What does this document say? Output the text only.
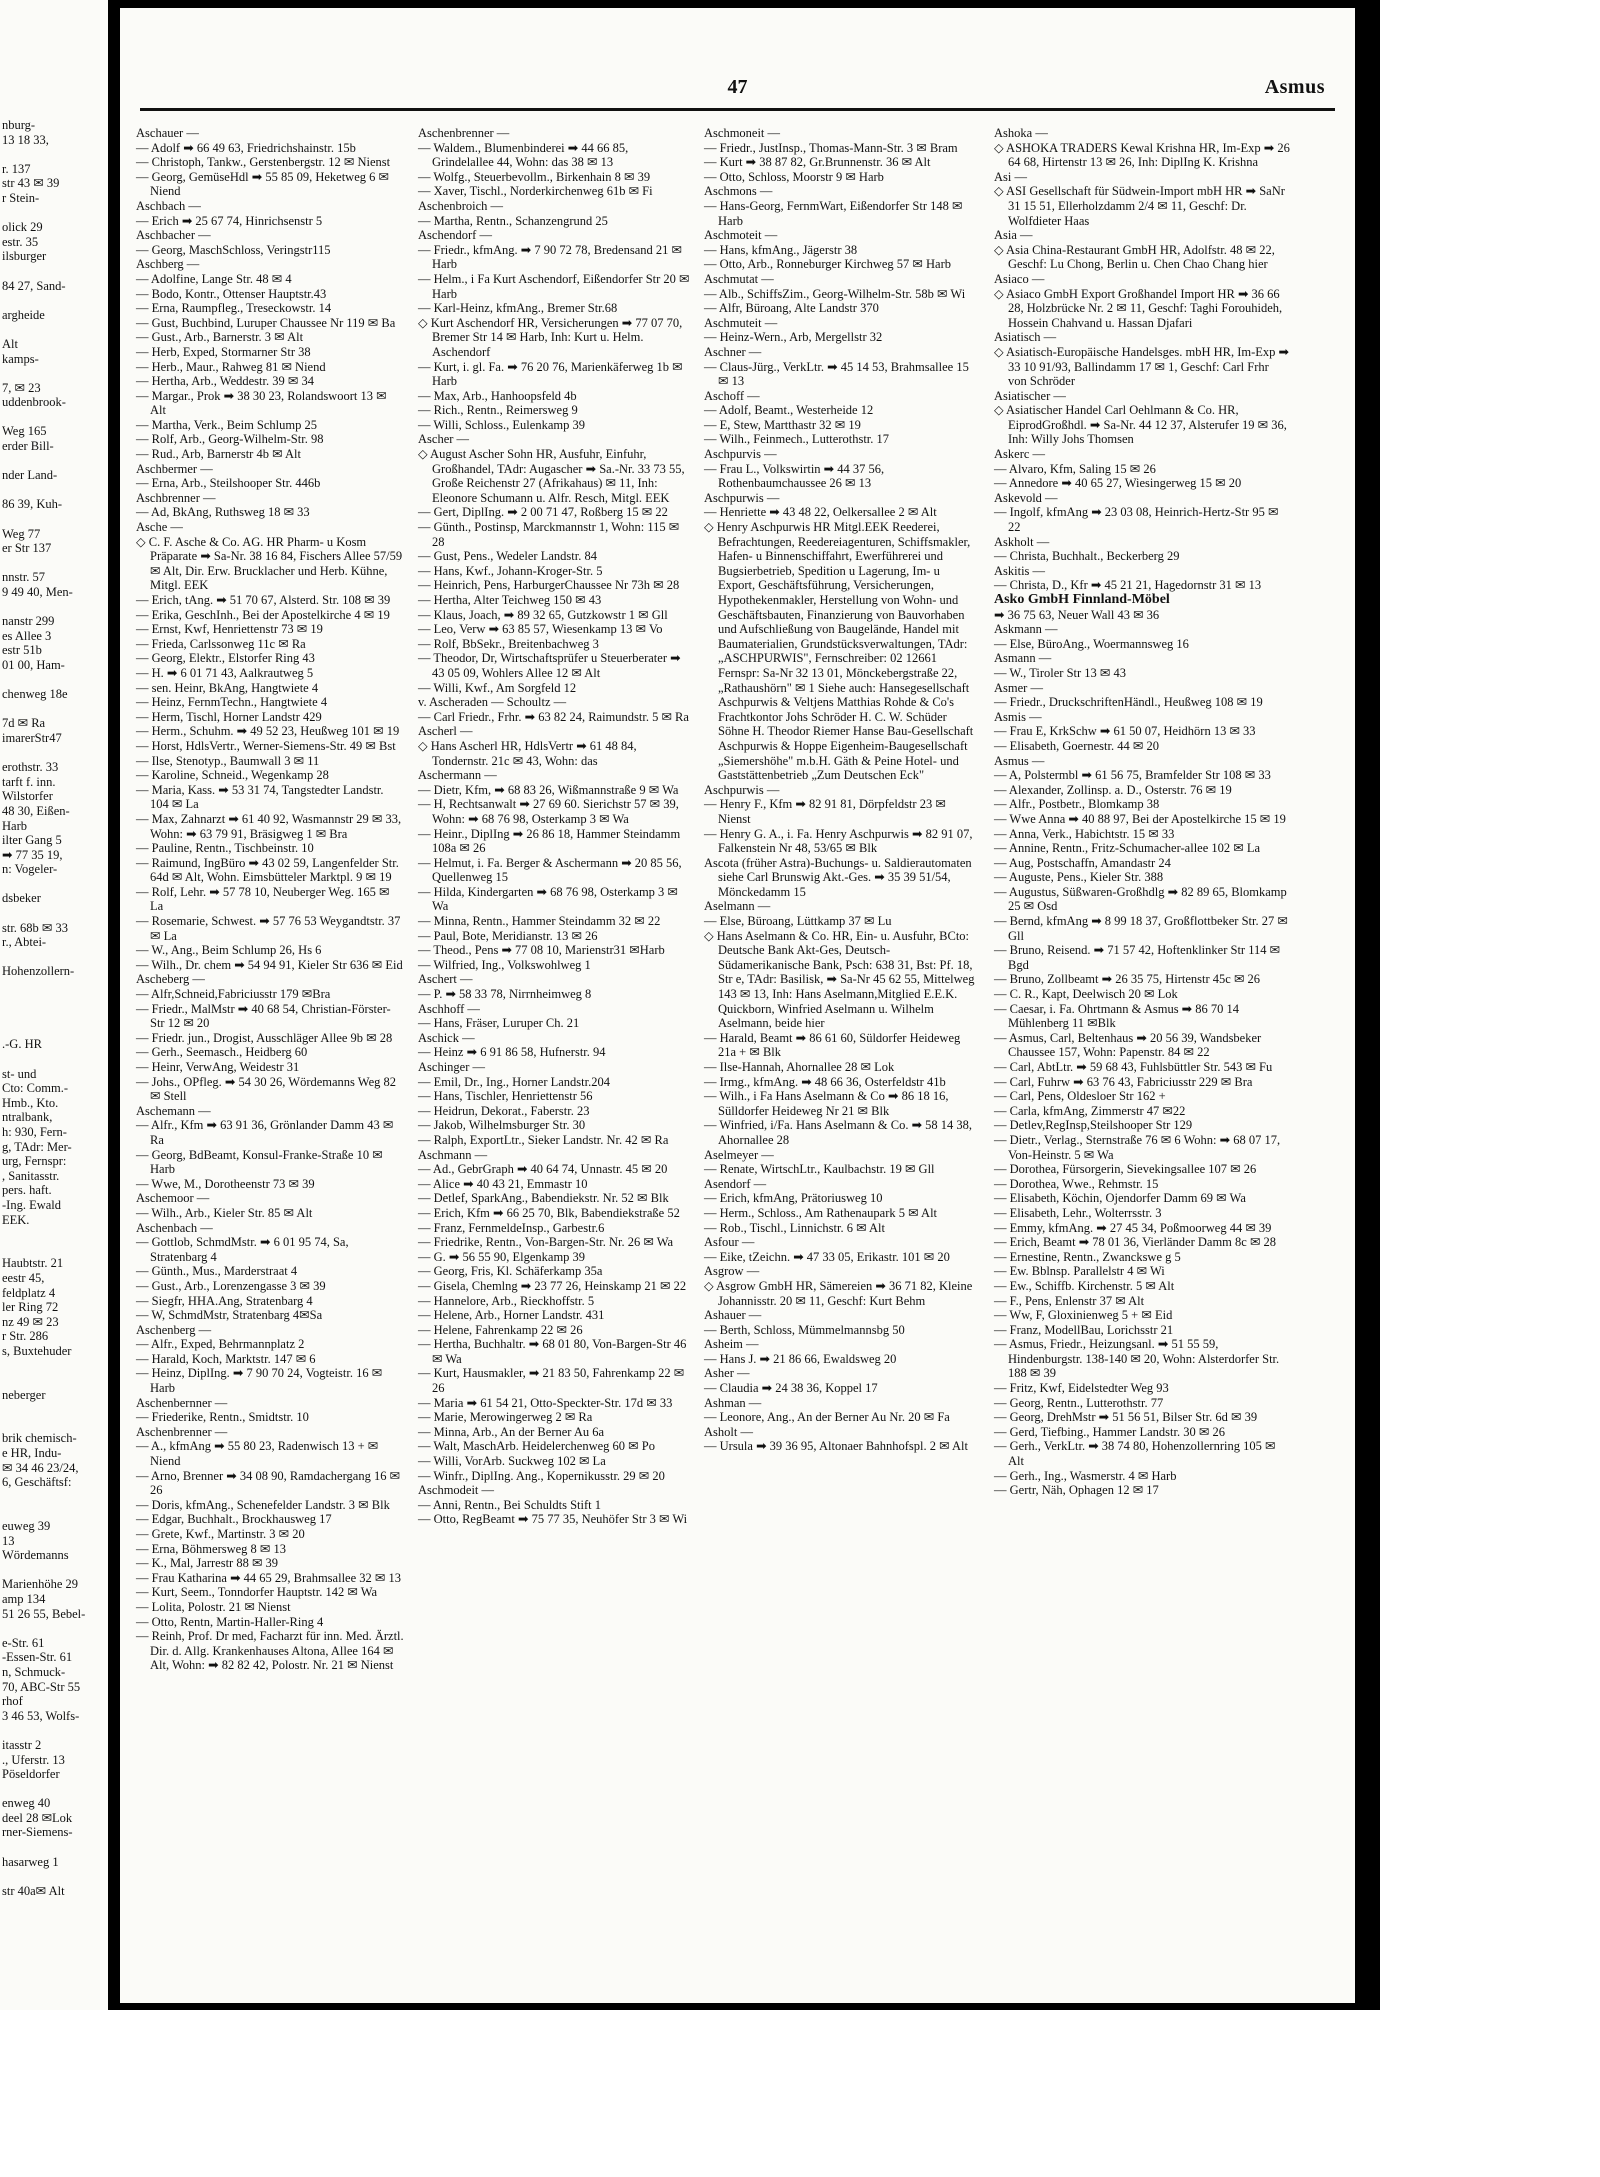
nburg-

13 18 33,

r. 137

str 43 ✉ 39

r Stein-

olick 29

estr. 35

ilsburger

84 27, Sand-

argheide

Alt

kamps-

7, ✉ 23

uddenbrook-

Weg 165

erder Bill-

nder Land-

86 39, Kuh-

Weg 77

er Str 137

nnstr. 57

9 49 40, Men-

nanstr 299

es Allee 3

estr 51b

01 00, Ham-

chenweg 18e

7d ✉ Ra

imarerStr47

erothstr. 33

tarft f. inn.

Wilstorfer

48 30, Eißen-

Harb

ilter Gang 5

➡ 77 35 19,

n: Vogeler-

dsbeker

str. 68b ✉ 33

r., Abtei-

Hohenzollern-

.-G. HR

st- und

Cto: Comm.-

Hmb., Kto.

ntralbank,

h: 930, Fern-

g, TAdr: Mer-

urg, Fernspr:

, Sanitasstr.

pers. haft.

-Ing. Ewald

EEK.

Haubtstr. 21

eestr 45,

feldplatz 4

ler Ring 72

nz 49 ✉ 23

r Str. 286

s, Buxtehuder

neberger

brik chemisch-

e HR, Indu-

✉ 34 46 23/24,

6, Geschäftsf:

euweg 39

13

Wördemanns

Marienhöhe 29

amp 134

51 26 55, Bebel-

e-Str. 61

-Essen-Str. 61

n, Schmuck-

70, ABC-Str 55

rhof

3 46 53, Wolfs-

itasstr 2

., Uferstr. 13

Pöseldorfer

enweg 40

deel 28 ✉Lok

rner-Siemens-

hasarweg 1

str 40a✉ Alt

47	Asmus

Aschauer —

— Adolf ➡ 66 49 63, Friedrichshainstr. 15b

— Christoph, Tankw., Gerstenbergstr. 12 ✉ Nienst

— Georg, GemüseHdl ➡ 55 85 09, Heketweg 6 ✉ Niend

Aschbach —

— Erich ➡ 25 67 74, Hinrichsenstr 5

Aschbacher —

— Georg, MaschSchloss, Veringstr115

Aschberg —

— Adolfine, Lange Str. 48 ✉ 4

— Bodo, Kontr., Ottenser Hauptstr.43

— Erna, Raumpfleg., Treseckowstr. 14

— Gust, Buchbind, Luruper Chaussee Nr 119 ✉ Ba

— Gust., Arb., Barnerstr. 3 ✉ Alt

— Herb, Exped, Stormarner Str 38

— Herb., Maur., Rahweg 81 ✉ Niend

— Hertha, Arb., Weddestr. 39 ✉ 34

— Margar., Prok ➡ 38 30 23, Rolandswoort 13 ✉ Alt

— Martha, Verk., Beim Schlump 25

— Rolf, Arb., Georg-Wilhelm-Str. 98

— Rud., Arb, Barnerstr 4b ✉ Alt

Aschbermer —

— Erna, Arb., Steilshooper Str. 446b

Aschbrenner —

— Ad, BkAng, Ruthsweg 18 ✉ 33

Asche —

◇ C. F. Asche & Co. AG. HR Pharm- u Kosm Präparate ➡ Sa-Nr. 38 16 84, Fischers Allee 57/59 ✉ Alt, Dir. Erw. Brucklacher und Herb. Kühne, Mitgl. EEK

— Erich, tAng. ➡ 51 70 67, Alsterd. Str. 108 ✉ 39

— Erika, GeschInh., Bei der Apostelkirche 4 ✉ 19

— Ernst, Kwf, Henriettenstr 73 ✉ 19

— Frieda, Carlssonweg 11c ✉ Ra

— Georg, Elektr., Elstorfer Ring 43

— H. ➡ 6 01 71 43, Aalkrautweg 5

— sen. Heinr, BkAng, Hangtwiete 4

— Heinz, FernmTechn., Hangtwiete 4

— Herm, Tischl, Horner Landstr 429

— Herm., Schuhm. ➡ 49 52 23, Heußweg 101 ✉ 19

— Horst, HdlsVertr., Werner-Siemens-Str. 49 ✉ Bst

— Ilse, Stenotyp., Baumwall 3 ✉ 11

— Karoline, Schneid., Wegenkamp 28

— Maria, Kass. ➡ 53 31 74, Tangstedter Landstr. 104 ✉ La

— Max, Zahnarzt ➡ 61 40 92, Wasmannstr 29 ✉ 33, Wohn: ➡ 63 79 91, Bräsigweg 1 ✉ Bra

— Pauline, Rentn., Tischbeinstr. 10

— Raimund, IngBüro ➡ 43 02 59, Langenfelder Str. 64d ✉ Alt, Wohn. Eimsbütteler Marktpl. 9 ✉ 19

— Rolf, Lehr. ➡ 57 78 10, Neuberger Weg. 165 ✉ La

— Rosemarie, Schwest. ➡ 57 76 53 Weygandtstr. 37 ✉ La

— W., Ang., Beim Schlump 26, Hs 6

— Wilh., Dr. chem ➡ 54 94 91, Kieler Str 636 ✉ Eid

Ascheberg —

— Alfr,Schneid,Fabriciusstr 179 ✉Bra

— Friedr., MalMstr ➡ 40 68 54, Christian-Förster-Str 12 ✉ 20

— Friedr. jun., Drogist, Ausschläger Allee 9b ✉ 28

— Gerh., Seemasch., Heidberg 60

— Heinr, VerwAng, Weidestr 31

— Johs., OPfleg. ➡ 54 30 26, Wördemanns Weg 82 ✉ Stell

Aschemann —

— Alfr., Kfm ➡ 63 91 36, Grönlander Damm 43 ✉ Ra

— Georg, BdBeamt, Konsul-Franke-Straße 10 ✉ Harb

— Wwe, M., Dorotheenstr 73 ✉ 39

Aschemoor —

— Wilh., Arb., Kieler Str. 85 ✉ Alt

Aschenbach —

— Gottlob, SchmdMstr. ➡ 6 01 95 74, Sa, Stratenbarg 4

— Günth., Mus., Marderstraat 4

— Gust., Arb., Lorenzengasse 3 ✉ 39

— Siegfr, HHA.Ang, Stratenbarg 4

— W, SchmdMstr, Stratenbarg 4✉Sa

Aschenberg —

— Alfr., Exped, Behrmannplatz 2

— Harald, Koch, Marktstr. 147 ✉ 6

— Heinz, DiplIng. ➡ 7 90 70 24, Vogteistr. 16 ✉ Harb

Aschenbernner —

— Friederike, Rentn., Smidtstr. 10

Aschenbrenner —

— A., kfmAng ➡ 55 80 23, Radenwisch 13 + ✉ Niend

— Arno, Brenner ➡ 34 08 90, Ramdachergang 16 ✉ 26

— Doris, kfmAng., Schenefelder Landstr. 3 ✉ Blk

— Edgar, Buchhalt., Brockhausweg 17

— Grete, Kwf., Martinstr. 3 ✉ 20

— Erna, Böhmersweg 8 ✉ 13

— K., Mal, Jarrestr 88 ✉ 39

— Frau Katharina ➡ 44 65 29, Brahmsallee 32 ✉ 13

— Kurt, Seem., Tonndorfer Hauptstr. 142 ✉ Wa

— Lolita, Polostr. 21 ✉ Nienst

— Otto, Rentn, Martin-Haller-Ring 4

— Reinh, Prof. Dr med, Facharzt für inn. Med. Ärztl. Dir. d. Allg. Krankenhauses Altona, Allee 164 ✉ Alt, Wohn: ➡ 82 82 42, Polostr. Nr. 21 ✉ Nienst

Aschenbrenner —

— Waldem., Blumenbinderei ➡ 44 66 85, Grindelallee 44, Wohn: das 38 ✉ 13

— Wolfg., Steuerbevollm., Birkenhain 8 ✉ 39

— Xaver, Tischl., Norderkirchenweg 61b ✉ Fi

Aschenbroich —

— Martha, Rentn., Schanzengrund 25

Aschendorf —

— Friedr., kfmAng. ➡ 7 90 72 78, Bredensand 21 ✉ Harb

— Helm., i Fa Kurt Aschendorf, Eißendorfer Str 20 ✉ Harb

— Karl-Heinz, kfmAng., Bremer Str.68

◇ Kurt Aschendorf HR, Versicherungen ➡ 77 07 70, Bremer Str 14 ✉ Harb, Inh: Kurt u. Helm. Aschendorf

— Kurt, i. gl. Fa. ➡ 76 20 76, Marienkäferweg 1b ✉ Harb

— Max, Arb., Hanhoopsfeld 4b

— Rich., Rentn., Reimersweg 9

— Willi, Schloss., Eulenkamp 39

Ascher —

◇ August Ascher Sohn HR, Ausfuhr, Einfuhr, Großhandel, TAdr: Augascher ➡ Sa.-Nr. 33 73 55, Große Reichenstr 27 (Afrikahaus) ✉ 11, Inh: Eleonore Schumann u. Alfr. Resch, Mitgl. EEK

— Gert, DiplIng. ➡ 2 00 71 47, Roßberg 15 ✉ 22

— Günth., Postinsp, Marckmannstr 1, Wohn: 115 ✉ 28

— Gust, Pens., Wedeler Landstr. 84

— Hans, Kwf., Johann-Kroger-Str. 5

— Heinrich, Pens, HarburgerChaussee Nr 73h ✉ 28

— Hertha, Alter Teichweg 150 ✉ 43

— Klaus, Joach, ➡ 89 32 65, Gutzkowstr 1 ✉ Gll

— Leo, Verw ➡ 63 85 57, Wiesenkamp 13 ✉ Vo

— Rolf, BbSekr., Breitenbachweg 3

— Theodor, Dr, Wirtschaftsprüfer u Steuerberater ➡ 43 05 09, Wohlers Allee 12 ✉ Alt

— Willi, Kwf., Am Sorgfeld 12

v. Ascheraden — Schoultz —

— Carl Friedr., Frhr. ➡ 63 82 24, Raimundstr. 5 ✉ Ra

Ascherl —

◇ Hans Ascherl HR, HdlsVertr ➡ 61 48 84, Tondernstr. 21c ✉ 43, Wohn: das

Aschermann —

— Dietr, Kfm, ➡ 68 83 26, Wißmannstraße 9 ✉ Wa

— H, Rechtsanwalt ➡ 27 69 60. Sierichstr 57 ✉ 39, Wohn: ➡ 68 76 98, Osterkamp 3 ✉ Wa

— Heinr., DiplIng ➡ 26 86 18, Hammer Steindamm 108a ✉ 26

— Helmut, i. Fa. Berger & Aschermann ➡ 20 85 56, Quellenweg 15

— Hilda, Kindergarten ➡ 68 76 98, Osterkamp 3 ✉ Wa

— Minna, Rentn., Hammer Steindamm 32 ✉ 22

— Paul, Bote, Meridianstr. 13 ✉ 26

— Theod., Pens ➡ 77 08 10, Marienstr31 ✉Harb

— Wilfried, Ing., Volkswohlweg 1

Aschert —

— P. ➡ 58 33 78, Nirrnheimweg 8

Aschhoff —

— Hans, Fräser, Luruper Ch. 21

Aschick —

— Heinz ➡ 6 91 86 58, Hufnerstr. 94

Aschinger —

— Emil, Dr., Ing., Horner Landstr.204

— Hans, Tischler, Henriettenstr 56

— Heidrun, Dekorat., Faberstr. 23

— Jakob, Wilhelmsburger Str. 30

— Ralph, ExportLtr., Sieker Landstr. Nr. 42 ✉ Ra

Aschmann —

— Ad., GebrGraph ➡ 40 64 74, Unnastr. 45 ✉ 20

— Alice ➡ 40 43 21, Emmastr 10

— Detlef, SparkAng., Babendiekstr. Nr. 52 ✉ Blk

— Erich, Kfm ➡ 66 25 70, Blk, Babendiekstraße 52

— Franz, FernmeldeInsp., Garbestr.6

— Friedrike, Rentn., Von-Bargen-Str. Nr. 26 ✉ Wa

— G. ➡ 56 55 90, Elgenkamp 39

— Georg, Fris, Kl. Schäferkamp 35a

— Gisela, Chemlng ➡ 23 77 26, Heinskamp 21 ✉ 22

— Hannelore, Arb., Rieckhoffstr. 5

— Helene, Arb., Horner Landstr. 431

— Helene, Fahrenkamp 22 ✉ 26

— Hertha, Buchhaltr. ➡ 68 01 80, Von-Bargen-Str 46 ✉ Wa

— Kurt, Hausmakler, ➡ 21 83 50, Fahrenkamp 22 ✉ 26

— Maria ➡ 61 54 21, Otto-Speckter-Str. 17d ✉ 33

— Marie, Merowingerweg 2 ✉ Ra

— Minna, Arb., An der Berner Au 6a

— Walt, MaschArb. Heidelerchenweg 60 ✉ Po

— Willi, VorArb. Suckweg 102 ✉ La

— Winfr., DiplIng. Ang., Kopernikusstr. 29 ✉ 20

Aschmodeit —

— Anni, Rentn., Bei Schuldts Stift 1

— Otto, RegBeamt ➡ 75 77 35, Neuhöfer Str 3 ✉ Wi

Aschmoneit —

— Friedr., JustInsp., Thomas-Mann-Str. 3 ✉ Bram

— Kurt ➡ 38 87 82, Gr.Brunnenstr. 36 ✉ Alt

— Otto, Schloss, Moorstr 9 ✉ Harb

Aschmons —

— Hans-Georg, FernmWart, Eißendorfer Str 148 ✉ Harb

Aschmoteit —

— Hans, kfmAng., Jägerstr 38

— Otto, Arb., Ronneburger Kirchweg 57 ✉ Harb

Aschmutat —

— Alb., SchiffsZim., Georg-Wilhelm-Str. 58b ✉ Wi

— Alfr, Büroang, Alte Landstr 370

Aschmuteit —

— Heinz-Wern., Arb, Mergellstr 32

Aschner —

— Claus-Jürg., VerkLtr. ➡ 45 14 53, Brahmsallee 15 ✉ 13

Aschoff —

— Adolf, Beamt., Westerheide 12

— E, Stew, Martthastr 32 ✉ 19

— Wilh., Feinmech., Lutterothstr. 17

Aschpurvis —

— Frau L., Volkswirtin ➡ 44 37 56, Rothenbaumchaussee 26 ✉ 13

Aschpurwis —

— Henriette ➡ 43 48 22, Oelkersallee 2 ✉ Alt

◇ Henry Aschpurwis HR Mitgl.EEK Reederei, Befrachtungen, Reedereiagenturen, Schiffsmakler, Hafen- u Binnenschiffahrt, Ewerführerei und Bugsierbetrieb, Spedition u Lagerung, Im- u Export, Geschäftsführung, Versicherungen, Hypothekenmakler, Herstellung von Wohn- und Geschäftsbauten, Finanzierung von Bauvorhaben und Aufschließung von Baugelände, Handel mit Baumaterialien, Grundstücksverwaltungen, TAdr: „ASCHPURWIS", Fernschreiber: 02 12661 Fernspr: Sa-Nr 32 13 01, Mönckebergstraße 22, „Rathaushörn" ✉ 1 Siehe auch: Hansegesellschaft Aschpurwis & Veltjens Matthias Rohde & Co's Frachtkontor Johs Schröder H. C. W. Schüder Söhne H. Theodor Riemer Hanse Bau-Gesellschaft Aschpurwis & Hoppe Eigenheim-Baugesellschaft „Siemershöhe" m.b.H. Gäth & Peine Hotel- und Gaststättenbetrieb „Zum Deutschen Eck"

Aschpurwis —

— Henry F., Kfm ➡ 82 91 81, Dörpfeldstr 23 ✉ Nienst

— Henry G. A., i. Fa. Henry Aschpurwis ➡ 82 91 07, Falkenstein Nr 48, 53/65 ✉ Blk

Ascota (früher Astra)-Buchungs- u. Saldierautomaten siehe Carl Brunswig Akt.-Ges. ➡ 35 39 51/54, Mönckedamm 15

Aselmann —

— Else, Büroang, Lüttkamp 37 ✉ Lu

◇ Hans Aselmann & Co. HR, Ein- u. Ausfuhr, BCto: Deutsche Bank Akt-Ges, Deutsch-Südamerikanische Bank, Psch: 638 31, Bst: Pf. 18, Str e, TAdr: Basilisk, ➡ Sa-Nr 45 62 55, Mittelweg 143 ✉ 13, Inh: Hans Aselmann,Mitglied E.E.K. Quickborn, Winfried Aselmann u. Wilhelm Aselmann, beide hier

— Harald, Beamt ➡ 86 61 60, Süldorfer Heideweg 21a + ✉ Blk

— Ilse-Hannah, Ahornallee 28 ✉ Lok

— Irmg., kfmAng. ➡ 48 66 36, Osterfeldstr 41b

— Wilh., i Fa Hans Aselmann & Co ➡ 86 18 16, Sülldorfer Heideweg Nr 21 ✉ Blk

— Winfried, i/Fa. Hans Aselmann & Co. ➡ 58 14 38, Ahornallee 28

Aselmeyer —

— Renate, WirtschLtr., Kaulbachstr. 19 ✉ Gll

Asendorf —

— Erich, kfmAng, Prätoriusweg 10

— Herm., Schloss., Am Rathenaupark 5 ✉ Alt

— Rob., Tischl., Linnichstr. 6 ✉ Alt

Asfour —

— Eike, tZeichn. ➡ 47 33 05, Erikastr. 101 ✉ 20

Asgrow —

◇ Asgrow GmbH HR, Sämereien ➡ 36 71 82, Kleine Johannisstr. 20 ✉ 11, Geschf: Kurt Behm

Ashauer —

— Berth, Schloss, Mümmelmannsbg 50

Asheim —

— Hans J. ➡ 21 86 66, Ewaldsweg 20

Asher —

— Claudia ➡ 24 38 36, Koppel 17

Ashman —

— Leonore, Ang., An der Berner Au Nr. 20 ✉ Fa

Asholt —

— Ursula ➡ 39 36 95, Altonaer Bahnhofspl. 2 ✉ Alt

Ashoka —

◇ ASHOKA TRADERS Kewal Krishna HR, Im-Exp ➡ 26 64 68, Hirtenstr 13 ✉ 26, Inh: DiplIng K. Krishna

Asi —

◇ ASI Gesellschaft für Südwein-Import mbH HR ➡ SaNr 31 15 51, Ellerholzdamm 2/4 ✉ 11, Geschf: Dr. Wolfdieter Haas

Asia —

◇ Asia China-Restaurant GmbH HR, Adolfstr. 48 ✉ 22, Geschf: Lu Chong, Berlin u. Chen Chao Chang hier

Asiaco —

◇ Asiaco GmbH Export Großhandel Import HR ➡ 36 66 28, Holzbrücke Nr. 2 ✉ 11, Geschf: Taghi Forouhideh, Hossein Chahvand u. Hassan Djafari

Asiatisch —

◇ Asiatisch-Europäische Handelsges. mbH HR, Im-Exp ➡ 33 10 91/93, Ballindamm 17 ✉ 1, Geschf: Carl Frhr von Schröder

Asiatischer —

◇ Asiatischer Handel Carl Oehlmann & Co. HR, EiprodGroßhdl. ➡ Sa-Nr. 44 12 37, Alsterufer 19 ✉ 36, Inh: Willy Johs Thomsen

Askerc —

— Alvaro, Kfm, Saling 15 ✉ 26

— Annedore ➡ 40 65 27, Wiesingerweg 15 ✉ 20

Askevold —

— Ingolf, kfmAng ➡ 23 03 08, Heinrich-Hertz-Str 95 ✉ 22

Askholt —

— Christa, Buchhalt., Beckerberg 29

Askitis —

— Christa, D., Kfr ➡ 45 21 21, Hagedornstr 31 ✉ 13

Asko GmbH Finnland-Möbel

➡ 36 75 63, Neuer Wall 43 ✉ 36

Askmann —

— Else, BüroAng., Woermannsweg 16

Asmann —

— W., Tiroler Str 13 ✉ 43

Asmer —

— Friedr., DruckschriftenHändl., Heußweg 108 ✉ 19

Asmis —

— Frau E, KrkSchw ➡ 61 50 07, Heidhörn 13 ✉ 33

— Elisabeth, Goernestr. 44 ✉ 20

Asmus —

— A, Polstermbl ➡ 61 56 75, Bramfelder Str 108 ✉ 33

— Alexander, Zollinsp. a. D., Osterstr. 76 ✉ 19

— Alfr., Postbetr., Blomkamp 38

— Wwe Anna ➡ 40 88 97, Bei der Apostelkirche 15 ✉ 19

— Anna, Verk., Habichtstr. 15 ✉ 33

— Annine, Rentn., Fritz-Schumacher-allee 102 ✉ La

— Aug, Postschaffn, Amandastr 24

— Auguste, Pens., Kieler Str. 388

— Augustus, Süßwaren-Großhdlg ➡ 82 89 65, Blomkamp 25 ✉ Osd

— Bernd, kfmAng ➡ 8 99 18 37, Großflottbeker Str. 27 ✉ Gll

— Bruno, Reisend. ➡ 71 57 42, Hoftenklinker Str 114 ✉ Bgd

— Bruno, Zollbeamt ➡ 26 35 75, Hirtenstr 45c ✉ 26

— C. R., Kapt, Deelwisch 20 ✉ Lok

— Caesar, i. Fa. Ohrtmann & Asmus ➡ 86 70 14 Mühlenberg 11 ✉Blk

— Asmus, Carl, Beltenhaus ➡ 20 56 39, Wandsbeker Chaussee 157, Wohn: Papenstr. 84 ✉ 22

— Carl, AbtLtr. ➡ 59 68 43, Fuhlsbüttler Str. 543 ✉ Fu

— Carl, Fuhrw ➡ 63 76 43, Fabriciusstr 229 ✉ Bra

— Carl, Pens, Oldesloer Str 162 +

— Carla, kfmAng, Zimmerstr 47 ✉22

— Detlev,RegInsp,Steilshooper Str 129

— Dietr., Verlag., Sternstraße 76 ✉ 6 Wohn: ➡ 68 07 17, Von-Heinstr. 5 ✉ Wa

— Dorothea, Fürsorgerin, Sievekingsallee 107 ✉ 26

— Dorothea, Wwe., Rehmstr. 15

— Elisabeth, Köchin, Ojendorfer Damm 69 ✉ Wa

— Elisabeth, Lehr., Wolterrsstr. 3

— Emmy, kfmAng. ➡ 27 45 34, Poßmoorweg 44 ✉ 39

— Erich, Beamt ➡ 78 01 36, Vierländer Damm 8c ✉ 28

— Ernestine, Rentn., Zwanckswe g 5

— Ew. Bblnsp. Parallelstr 4 ✉ Wi

— Ew., Schiffb. Kirchenstr. 5 ✉ Alt

— F., Pens, Enlenstr 37 ✉ Alt

— Ww, F, Gloxinienweg 5 + ✉ Eid

— Franz, ModellBau, Lorichsstr 21

— Asmus, Friedr., Heizungsanl. ➡ 51 55 59, Hindenburgstr. 138-140 ✉ 20, Wohn: Alsterdorfer Str. 188 ✉ 39

— Fritz, Kwf, Eidelstedter Weg 93

— Georg, Rentn., Lutterothstr. 77

— Georg, DrehMstr ➡ 51 56 51, Bilser Str. 6d ✉ 39

— Gerd, Tiefbing., Hammer Landstr. 30 ✉ 26

— Gerh., VerkLtr. ➡ 38 74 80, Hohenzollernring 105 ✉ Alt

— Gerh., Ing., Wasmerstr. 4 ✉ Harb

— Gertr, Näh, Ophagen 12 ✉ 17
